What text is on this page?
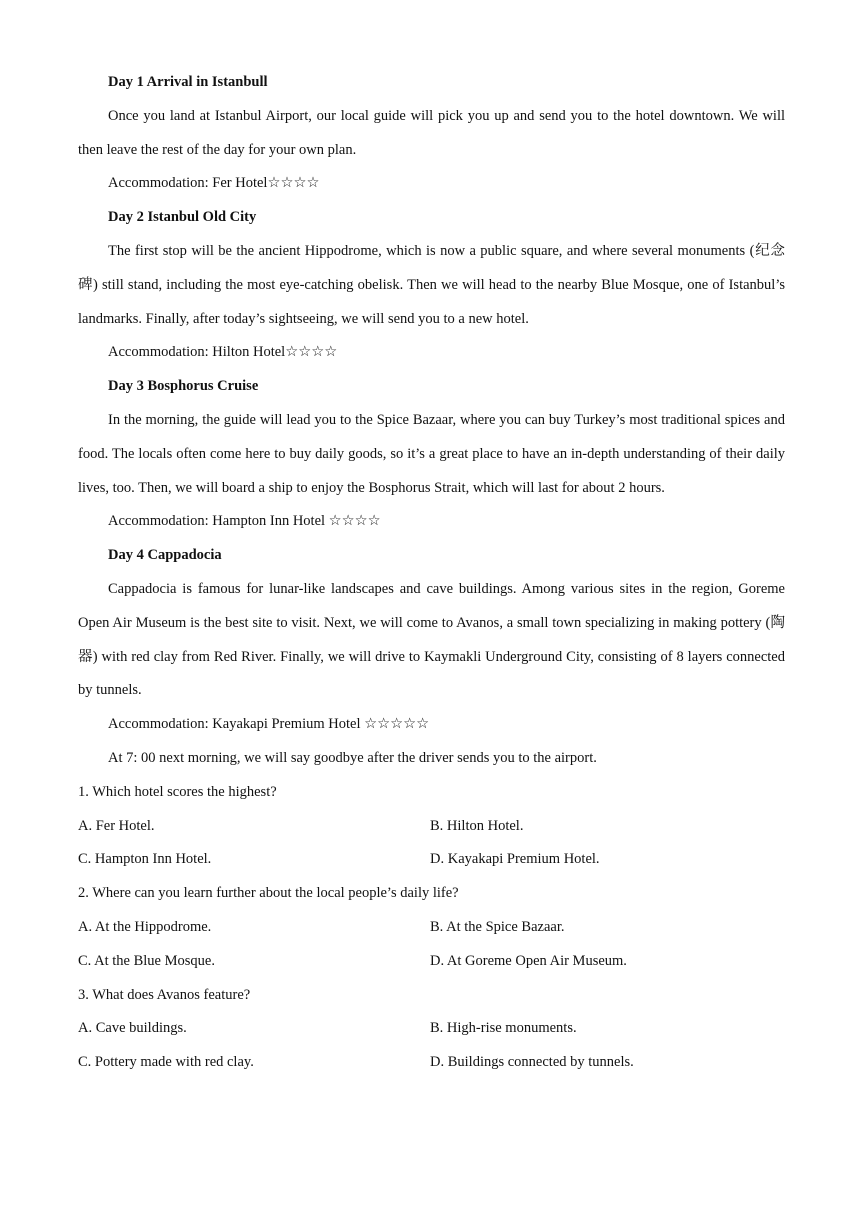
Day 1 Arrival in Istanbull

Once you land at Istanbul Airport, our local guide will pick you up and send you to the hotel downtown. We will then leave the rest of the day for your own plan.

Accommodation: Fer Hotel☆☆☆☆

Day 2 Istanbul Old City

The first stop will be the ancient Hippodrome, which is now a public square, and where several monuments (纪念碑) still stand, including the most eye-catching obelisk. Then we will head to the nearby Blue Mosque, one of Istanbul’s landmarks. Finally, after today’s sightseeing, we will send you to a new hotel.

Accommodation: Hilton Hotel☆☆☆☆

Day 3 Bosphorus Cruise

In the morning, the guide will lead you to the Spice Bazaar, where you can buy Turkey’s most traditional spices and food. The locals often come here to buy daily goods, so it’s a great place to have an in-depth understanding of their daily lives, too. Then, we will board a ship to enjoy the Bosphorus Strait, which will last for about 2 hours.

Accommodation: Hampton Inn Hotel ☆☆☆☆

Day 4 Cappadocia

Cappadocia is famous for lunar-like landscapes and cave buildings. Among various sites in the region, Goreme Open Air Museum is the best site to visit. Next, we will come to Avanos, a small town specializing in making pottery (陶器) with red clay from Red River. Finally, we will drive to Kaymakli Underground City, consisting of 8 layers connected by tunnels.

Accommodation: Kayakapi Premium Hotel ☆☆☆☆☆

At 7: 00 next morning, we will say goodbye after the driver sends you to the airport.

1. Which hotel scores the highest?

A. Fer Hotel.	B. Hilton Hotel.

C. Hampton Inn Hotel.	D. Kayakapi Premium Hotel.

2. Where can you learn further about the local people’s daily life?

A. At the Hippodrome.	B. At the Spice Bazaar.

C. At the Blue Mosque.	D. At Goreme Open Air Museum.

3. What does Avanos feature?

A. Cave buildings.	B. High-rise monuments.

C. Pottery made with red clay.	D. Buildings connected by tunnels.
